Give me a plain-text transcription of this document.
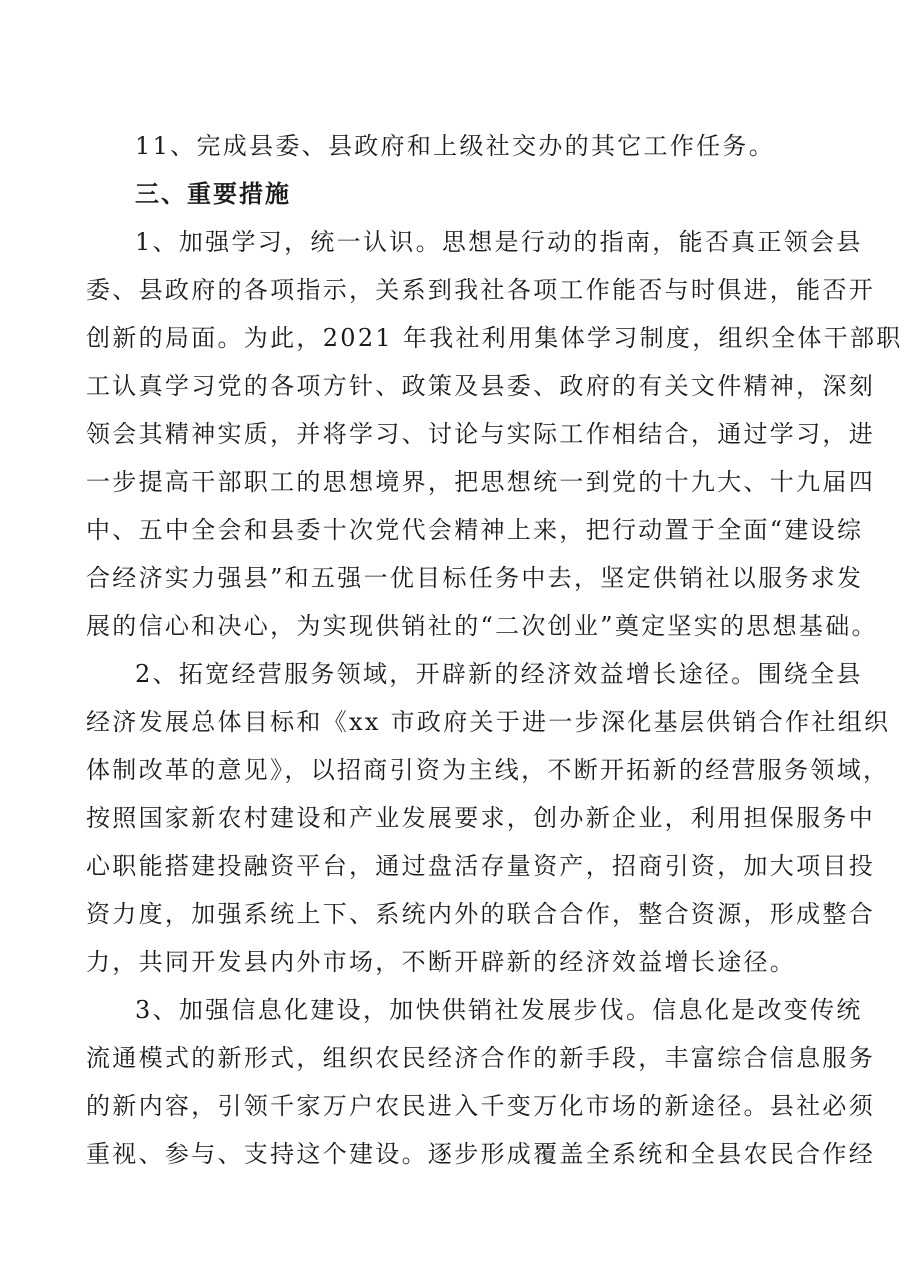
11、完成县委、县政府和上级社交办的其它工作任务。
三、重要措施
1、加强学习，统一认识。思想是行动的指南，能否真正领会县
委、县政府的各项指示，关系到我社各项工作能否与时俱进，能否开
创新的局面。为此，2021 年我社利用集体学习制度，组织全体干部职
工认真学习党的各项方针、政策及县委、政府的有关文件精神，深刻
领会其精神实质，并将学习、讨论与实际工作相结合，通过学习，进
一步提高干部职工的思想境界，把思想统一到党的十九大、十九届四
中、五中全会和县委十次党代会精神上来，把行动置于全面“建设综
合经济实力强县”和五强一优目标任务中去，坚定供销社以服务求发
展的信心和决心，为实现供销社的“二次创业”奠定坚实的思想基础。
2、拓宽经营服务领域，开辟新的经济效益增长途径。围绕全县
经济发展总体目标和《xx 市政府关于进一步深化基层供销合作社组织
体制改革的意见》，以招商引资为主线，不断开拓新的经营服务领域，
按照国家新农村建设和产业发展要求，创办新企业，利用担保服务中
心职能搭建投融资平台，通过盘活存量资产，招商引资，加大项目投
资力度，加强系统上下、系统内外的联合合作，整合资源，形成整合
力，共同开发县内外市场，不断开辟新的经济效益增长途径。
3、加强信息化建设，加快供销社发展步伐。信息化是改变传统
流通模式的新形式，组织农民经济合作的新手段，丰富综合信息服务
的新内容，引领千家万户农民进入千变万化市场的新途径。县社必须
重视、参与、支持这个建设。逐步形成覆盖全系统和全县农民合作经
